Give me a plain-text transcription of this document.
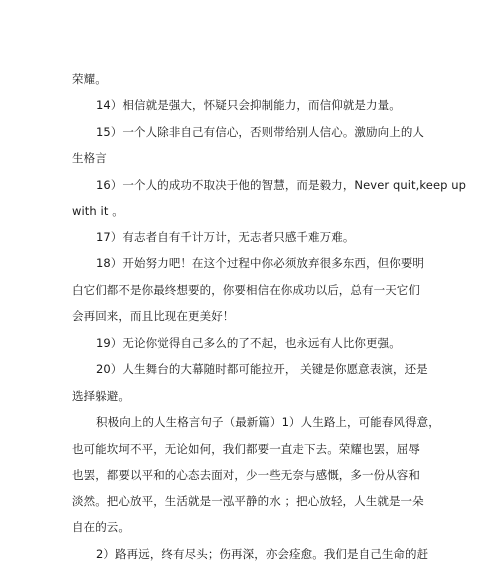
荣耀。
14）相信就是强大，怀疑只会抑制能力，而信仰就是力量。
15）一个人除非自己有信心，否则带给别人信心。激励向上的人
生格言
16）一个人的成功不取决于他的智慧，而是毅力，Never quit,keep up
with it 。
17）有志者自有千计万计，无志者只感千难万难。
18）开始努力吧！在这个过程中你必须放弃很多东西，但你要明
白它们都不是你最终想要的，你要相信在你成功以后，总有一天它们
会再回来，而且比现在更美好！
19）无论你觉得自己多么的了不起，也永远有人比你更强。
20）人生舞台的大幕随时都可能拉开， 关键是你愿意表演，还是
选择躲避。
积极向上的人生格言句子（最新篇）1）人生路上，可能春风得意，
也可能坎坷不平，无论如何，我们都要一直走下去。荣耀也罢，屈辱
也罢，都要以平和的心态去面对，少一些无奈与感慨，多一份从容和
淡然。把心放平，生活就是一泓平静的水 ；把心放轻，人生就是一朵
自在的云。
2）路再远，终有尽头；伤再深，亦会痊愈。我们是自己生命的赶
